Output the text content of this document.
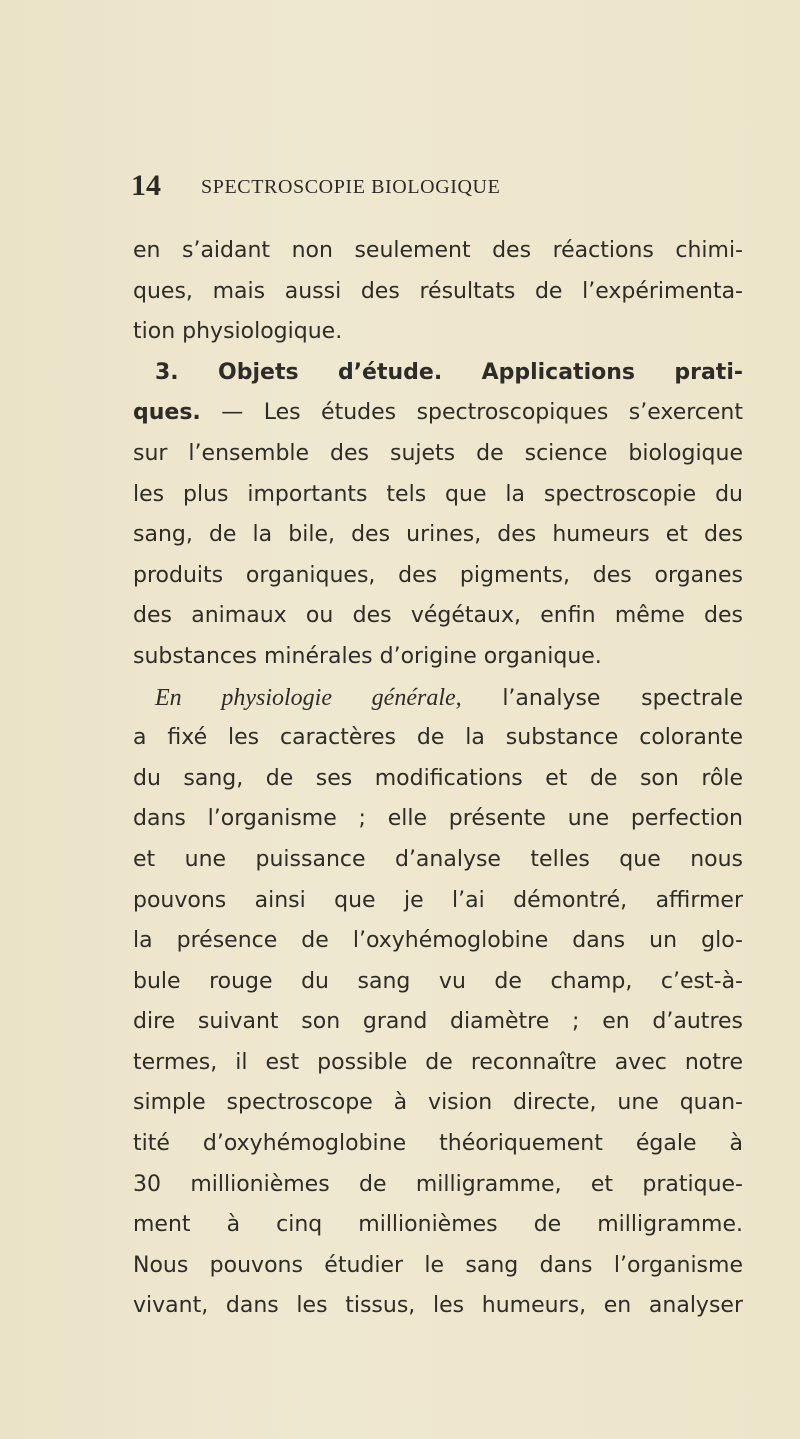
14 SPECTROSCOPIE BIOLOGIQUE
en s’aidant non seulement des réactions chimi-
ques, mais aussi des résultats de l’expérimenta-
tion physiologique.
3. Objets d’étude. Applications prati-
ques. — Les études spectroscopiques s’exercent
sur l’ensemble des sujets de science biologique
les plus importants tels que la spectroscopie du
sang, de la bile, des urines, des humeurs et des
produits organiques, des pigments, des organes
des animaux ou des végétaux, enfin même des
substances minérales d’origine organique.
En physiologie générale, l’analyse spectrale
a fixé les caractères de la substance colorante
du sang, de ses modifications et de son rôle
dans l’organisme ; elle présente une perfection
et une puissance d’analyse telles que nous
pouvons ainsi que je l’ai démontré, affirmer
la présence de l’oxyhémoglobine dans un glo-
bule rouge du sang vu de champ, c’est-à-
dire suivant son grand diamètre ; en d’autres
termes, il est possible de reconnaître avec notre
simple spectroscope à vision directe, une quan-
tité d’oxyhémoglobine théoriquement égale à
30 millionièmes de milligramme, et pratique-
ment à cinq millionièmes de milligramme.
Nous pouvons étudier le sang dans l’organisme
vivant, dans les tissus, les humeurs, en analyser
